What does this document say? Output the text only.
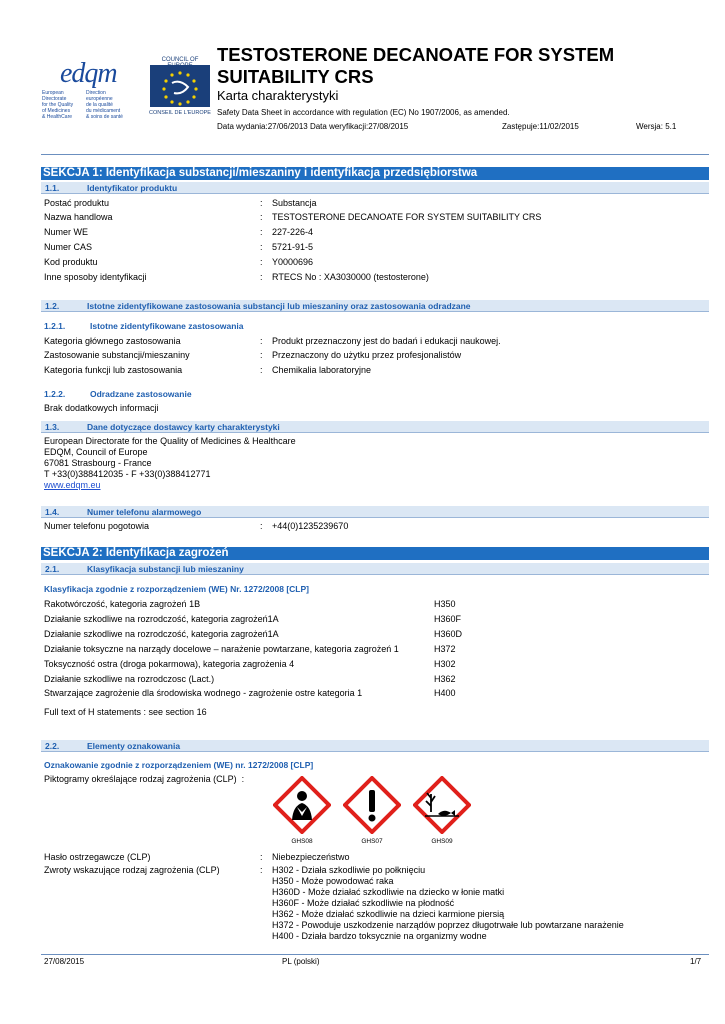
edqm
European Directorate
for the Quality
of Medicines
& HealthCareDirection européenne
de la qualité
du médicament
& soins de santé
COUNCIL OF
CONSEIL DE L'EUROPE
TESTOSTERONE DECANOATE FOR SYSTEM SUITABILITY CRS
Karta charakterystyki
Safety Data Sheet in accordance with regulation (EC) No 1907/2006, as amended.
Data wydania:27/06/2013 Data weryfikacji:27/08/2015	Zastępuje:11/02/2015	Wersja: 5.1
SEKCJA 1: Identyfikacja substancji/mieszaniny i identyfikacja przedsiębiorstwa
1.1.	Identyfikator produktu
Postać produktu	: Substancja
Nazwa handlowa	: TESTOSTERONE DECANOATE FOR SYSTEM SUITABILITY CRS
Numer WE	: 227-226-4
Numer CAS	: 5721-91-5
Kod produktu	: Y0000696
Inne sposoby identyfikacji	: RTECS No : XA3030000 (testosterone)
1.2.	Istotne zidentyfikowane zastosowania substancji lub mieszaniny oraz zastosowania odradzane
1.2.1.	Istotne zidentyfikowane zastosowania
Kategoria głównego zastosowania	: Produkt przeznaczony jest do badań i edukacji naukowej.
Zastosowanie substancji/mieszaniny	: Przeznaczony do użytku przez profesjonalistów
Kategoria funkcji lub zastosowania	: Chemikalia laboratoryjne
1.2.2.	Odradzane zastosowanie
Brak dodatkowych informacji
1.3.	Dane dotyczące dostawcy karty charakterystyki
European Directorate for the Quality of Medicines & Healthcare
EDQM, Council of Europe
67081 Strasbourg - France
T +33(0)388412035 - F +33(0)388412771
www.edqm.eu
1.4.	Numer telefonu alarmowego
Numer telefonu pogotowia	: +44(0)1235239670
SEKCJA 2: Identyfikacja zagrożeń
2.1.	Klasyfikacja substancji lub mieszaniny
Klasyfikacja zgodnie z rozporządzeniem (WE) Nr. 1272/2008 [CLP]
Rakotwórczość, kategoria zagrożeń 1B	H350
Działanie szkodliwe na rozrodczość, kategoria zagrożeń1A	H360F
Działanie szkodliwe na rozrodczość, kategoria zagrożeń1A	H360D
Działanie toksyczne na narządy docelowe – narażenie powtarzane, kategoria zagrożeń 1	H372
Toksyczność ostra (droga pokarmowa), kategoria zagrożenia 4	H302
Działanie szkodliwe na rozrodczosc (Lact.)	H362
Stwarzające zagrożenie dla środowiska wodnego - zagrożenie ostre kategoria 1	H400
Full text of H statements : see section 16
2.2.	Elementy oznakowania
Oznakowanie zgodnie z rozporządzeniem (WE) nr. 1272/2008 [CLP]
Piktogramy określające rodzaj zagrożenia (CLP)  :
GHS08	GHS07	GHS09
Hasło ostrzegawcze (CLP)	: Niebezpieczeństwo
Zwroty wskazujące rodzaj zagrożenia (CLP)	: H302 - Działa szkodliwie po połknięciu
H350 - Może powodować raka
H360D - Może działać szkodliwie na dziecko w łonie matki
H360F - Może działać szkodliwie na płodność
H362 - Może działać szkodliwie na dzieci karmione piersią
H372 - Powoduje uszkodzenie narządów poprzez długotrwałe lub powtarzane narażenie
H400 - Działa bardzo toksycznie na organizmy wodne
27/08/2015	PL (polski)	1/7
